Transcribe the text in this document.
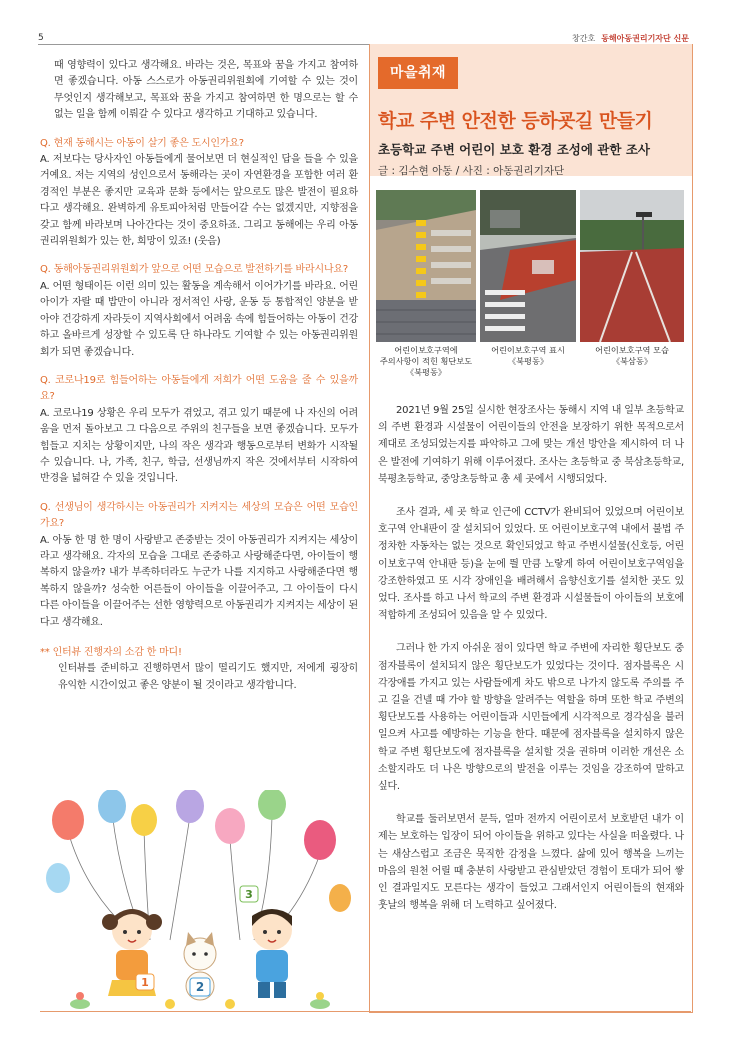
5	창간호 동해아동권리기자단 신문

때 영향력이 있다고 생각해요. 바라는 것은, 목표와 꿈을 가지고 참여하면 좋겠습니다. 아동 스스로가 아동권리위원회에 기여할 수 있는 것이 무엇인지 생각해보고, 목표와 꿈을 가지고 참여하면 한 명으로는 할 수 없는 일을 함께 이뤄갈 수 있다고 생각하고 기대하고 있습니다.

Q. 현재 동해시는 아동이 살기 좋은 도시인가요?

A. 저보다는 당사자인 아동들에게 물어보면 더 현실적인 답을 들을 수 있을거예요. 저는 지역의 성인으로서 동해라는 곳이 자연환경을 포함한 여러 환경적인 부분은 좋지만 교육과 문화 등에서는 앞으로도 많은 발전이 필요하다고 생각해요. 완벽하게 유토피아처럼 만들어갈 수는 없겠지만, 지향점을 갖고 함께 바라보며 나아간다는 것이 중요하죠. 그리고 동해에는 우리 아동권리위원회가 있는 한, 희망이 있죠! (웃음)

Q. 동해아동권리위원회가 앞으로 어떤 모습으로 발전하기를 바라시나요?

A. 어떤 형태이든 이런 의미 있는 활동을 계속해서 이어가기를 바라요. 어린 아이가 자랄 때 밥만이 아니라 정서적인 사랑, 운동 등 통합적인 양분을 받아야 건강하게 자라듯이 지역사회에서 어려움 속에 힘들어하는 아동이 건강하고 올바르게 성장할 수 있도록 단 하나라도 기여할 수 있는 아동권리위원회가 되면 좋겠습니다.

Q. 코로나19로 힘들어하는 아동들에게 저희가 어떤 도움을 줄 수 있을까요?

A. 코로나19 상황은 우리 모두가 겪었고, 겪고 있기 때문에 나 자신의 어려움을 먼저 돌아보고 그 다음으로 주위의 친구들을 보면 좋겠습니다. 모두가 힘들고 지치는 상황이지만, 나의 작은 생각과 행동으로부터 변화가 시작될 수 있습니다. 나, 가족, 친구, 학급, 선생님까지 작은 것에서부터 시작하여 반경을 넓혀갈 수 있을 것입니다.

Q. 선생님이 생각하시는 아동권리가 지켜지는 세상의 모습은 어떤 모습인가요?

A. 아동 한 명 한 명이 사랑받고 존중받는 것이 아동권리가 지켜지는 세상이라고 생각해요. 각자의 모습을 그대로 존중하고 사랑해준다면, 아이들이 행복하지 않을까? 내가 부족하더라도 누군가 나를 지지하고 사랑해준다면 행복하지 않을까? 성숙한 어른들이 아이들을 이끌어주고, 그 아이들이 다시 다른 아이들을 이끌어주는 선한 영향력으로 아동권리가 지켜지는 세상이 된다고 생각해요.

** 인터뷰 진행자의 소감 한 마디!

인터뷰를 준비하고 진행하면서 많이 떨리기도 했지만, 저에게 굉장히 유익한 시간이었고 좋은 양분이 될 것이라고 생각합니다.

1	2
3
마을취재
학교 주변 안전한 등하굣길 만들기
초등학교 주변 어린이 보호 환경 조성에 관한 조사
글 : 김수현 아동 / 사진 : 아동권리기자단
어린이보호구역에
주의사항이 적힌 횡단보도
《북평동》
어린이보호구역 표시
《북평동》
어린이보호구역 모습
《북삼동》

2021년 9월 25일 실시한 현장조사는 동해시 지역 내 일부 초등학교의 주변 환경과 시설물이 어린이들의 안전을 보장하기 위한 목적으로서 제대로 조성되었는지를 파악하고 그에 맞는 개선 방안을 제시하여 더 나은 발전에 기여하기 위해 이루어졌다. 조사는 초등학교 중 북삼초등학교, 북평초등학교, 중앙초등학교 총 세 곳에서 시행되었다.

조사 결과, 세 곳 학교 인근에 CCTV가 완비되어 있었으며 어린이보호구역 안내판이 잘 설치되어 있었다. 또 어린이보호구역 내에서 불법 주정차한 자동차는 없는 것으로 확인되었고 학교 주변시설물(신호등, 어린이보호구역 안내판 등)을 눈에 띌 만큼 노랗게 하여 어린이보호구역임을 강조한하였고 또 시각 장애인을 배려해서 음향신호기를 설치한 곳도 있었다. 조사를 하고 나서 학교의 주변 환경과 시설물들이 아이들의 보호에 적합하게 조성되어 있음을 알 수 있었다.

그러나 한 가지 아쉬운 점이 있다면 학교 주변에 자리한 횡단보도 중 점자블록이 설치되지 않은 횡단보도가 있었다는 것이다. 점자블록은 시각장애를 가지고 있는 사람들에게 차도 밖으로 나가지 않도록 주의를 주고 길을 건넬 때 가야 할 방향을 알려주는 역할을 하며 또한 학교 주변의 횡단보도를 사용하는 어린이들과 시민들에게 시각적으로 경각심을 불러일으켜 사고를 예방하는 기능을 한다. 때문에 점자블록을 설치하지 않은 학교 주변 횡단보도에 점자블록을 설치할 것을 권하며 이러한 개선은 소소할지라도 더 나은 방향으로의 발전을 이루는 것임을 강조하여 말하고 싶다.

학교를 둘러보면서 문득, 얼마 전까지 어린이로서 보호받던 내가 이제는 보호하는 입장이 되어 아이들을 위하고 있다는 사실을 떠올렸다. 나는 새삼스럽고 조금은 묵직한 감정을 느꼈다. 삶에 있어 행복을 느끼는 마음의 원천 어릴 때 충분히 사랑받고 관심받았던 경험이 토대가 되어 쌓인 결과일지도 모른다는 생각이 들었고 그래서인지 어린이들의 현재와 훗날의 행복을 위해 더 노력하고 싶어졌다.
